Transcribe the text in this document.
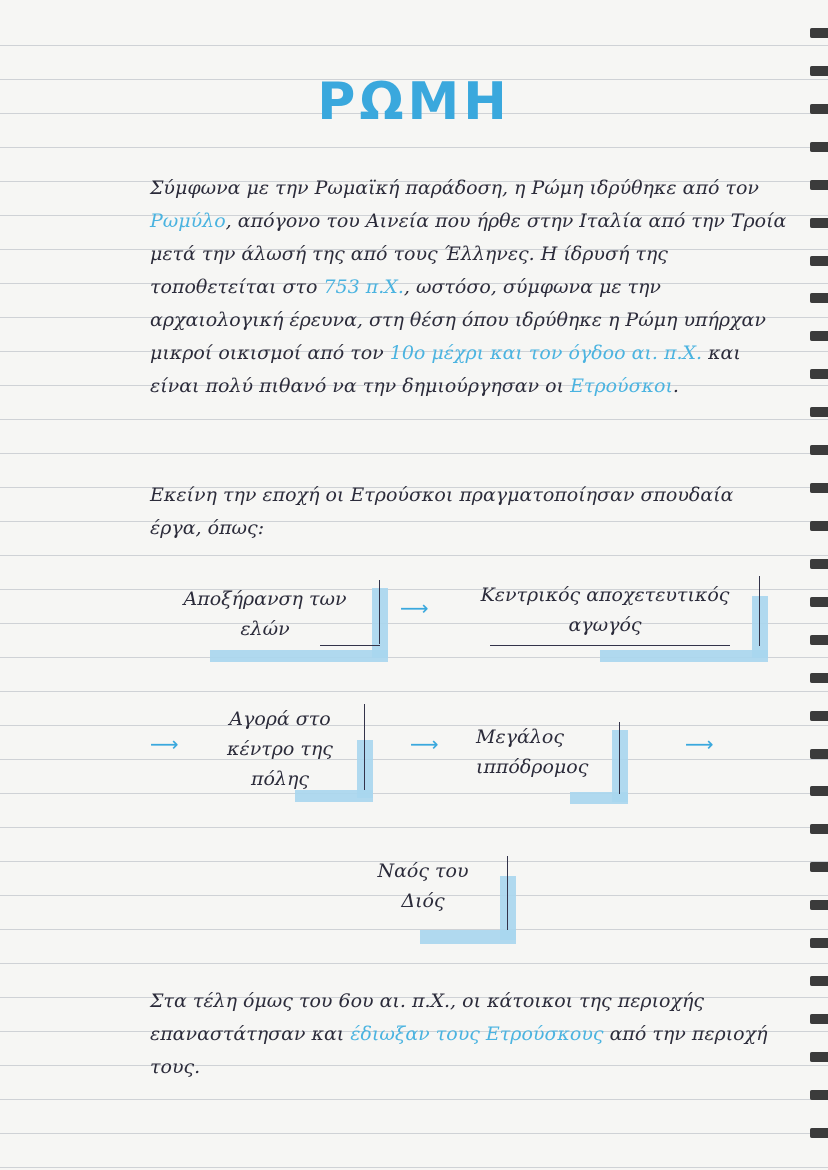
ΡΩΜΗ
Σύμφωνα με την Ρωμαϊκή παράδοση, η Ρώμη ιδρύθηκε από τον Ρωμύλο, απόγονο του Αινεία που ήρθε στην Ιταλία από την Τροία μετά την άλωσή της από τους Έλληνες. Η ίδρυσή της τοποθετείται στο 753 π.Χ., ωστόσο, σύμφωνα με την αρχαιολογική έρευνα, στη θέση όπου ιδρύθηκε η Ρώμη υπήρχαν μικροί οικισμοί από τον 10ο μέχρι και τον όγδοο αι. π.Χ. και είναι πολύ πιθανό να την δημιούργησαν οι Ετρούσκοι.
Εκείνη την εποχή οι Ετρούσκοι πραγματοποίησαν σπουδαία έργα, όπως:
Αποξήρανση των ελών
⟶
Κεντρικός αποχετευτικός αγωγός
⟶
Αγορά στο κέντρο της πόλης
⟶	Μεγάλος ιππόδρομος
⟶
Ναός του Διός
Στα τέλη όμως του 6ου αι. π.Χ., οι κάτοικοι της περιοχής επαναστάτησαν και έδιωξαν τους Ετρούσκους από την περιοχή τους.
